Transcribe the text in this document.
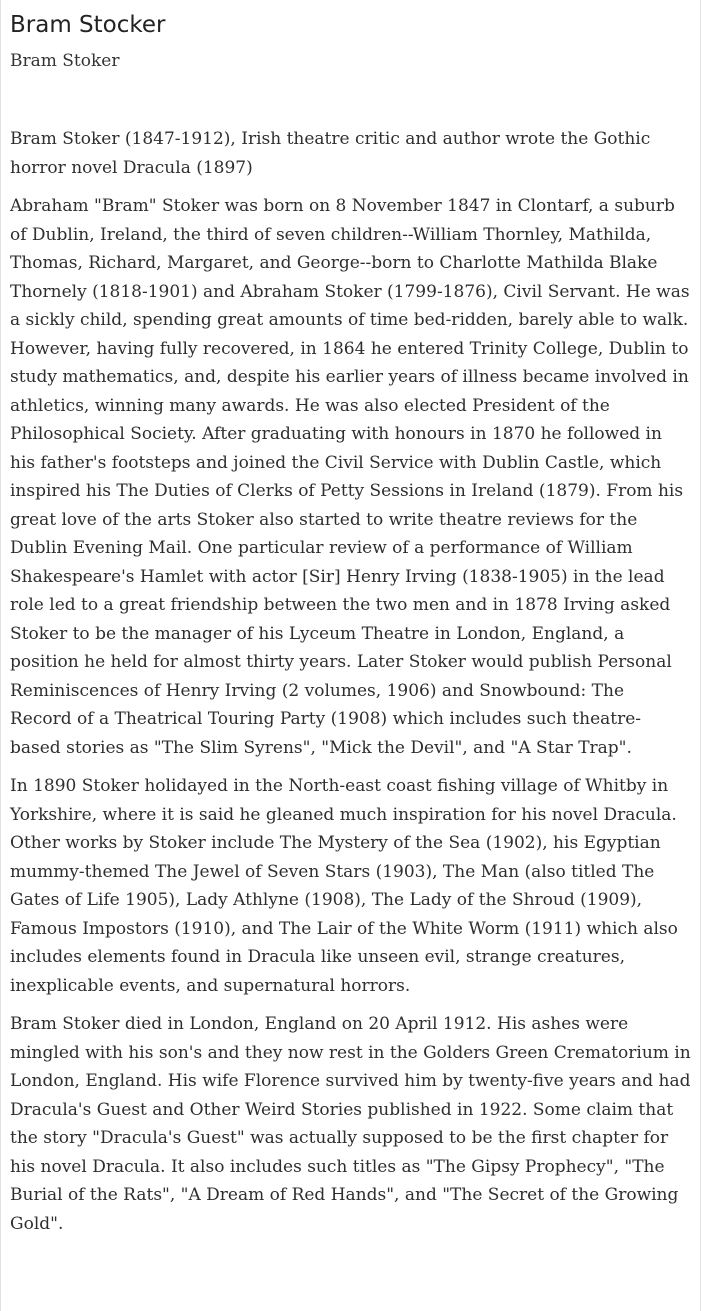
Bram Stocker
Bram Stoker

Bram Stoker (1847-1912), Irish theatre critic and author wrote the Gothic horror novel Dracula (1897)

Abraham "Bram" Stoker was born on 8 November 1847 in Clontarf, a suburb of Dublin, Ireland, the third of seven children--William Thornley, Mathilda, Thomas, Richard, Margaret, and George--born to Charlotte Mathilda Blake Thornely (1818-1901) and Abraham Stoker (1799-1876), Civil Servant. He was a sickly child, spending great amounts of time bed-ridden, barely able to walk. However, having fully recovered, in 1864 he entered Trinity College, Dublin to study mathematics, and, despite his earlier years of illness became involved in athletics, winning many awards. He was also elected President of the Philosophical Society. After graduating with honours in 1870 he followed in his father's footsteps and joined the Civil Service with Dublin Castle, which inspired his The Duties of Clerks of Petty Sessions in Ireland (1879). From his great love of the arts Stoker also started to write theatre reviews for the Dublin Evening Mail. One particular review of a performance of William Shakespeare's Hamlet with actor [Sir] Henry Irving (1838-1905) in the lead role led to a great friendship between the two men and in 1878 Irving asked Stoker to be the manager of his Lyceum Theatre in London, England, a position he held for almost thirty years. Later Stoker would publish Personal Reminiscences of Henry Irving (2 volumes, 1906) and Snowbound: The Record of a Theatrical Touring Party (1908) which includes such theatre-based stories as "The Slim Syrens", "Mick the Devil", and "A Star Trap".

In 1890 Stoker holidayed in the North-east coast fishing village of Whitby in Yorkshire, where it is said he gleaned much inspiration for his novel Dracula. Other works by Stoker include The Mystery of the Sea (1902), his Egyptian mummy-themed The Jewel of Seven Stars (1903), The Man (also titled The Gates of Life 1905), Lady Athlyne (1908), The Lady of the Shroud (1909), Famous Impostors (1910), and The Lair of the White Worm (1911) which also includes elements found in Dracula like unseen evil, strange creatures, inexplicable events, and supernatural horrors.

Bram Stoker died in London, England on 20 April 1912. His ashes were mingled with his son's and they now rest in the Golders Green Crematorium in London, England. His wife Florence survived him by twenty-five years and had Dracula's Guest and Other Weird Stories published in 1922. Some claim that the story "Dracula's Guest" was actually supposed to be the first chapter for his novel Dracula. It also includes such titles as "The Gipsy Prophecy", "The Burial of the Rats", "A Dream of Red Hands", and "The Secret of the Growing Gold".
